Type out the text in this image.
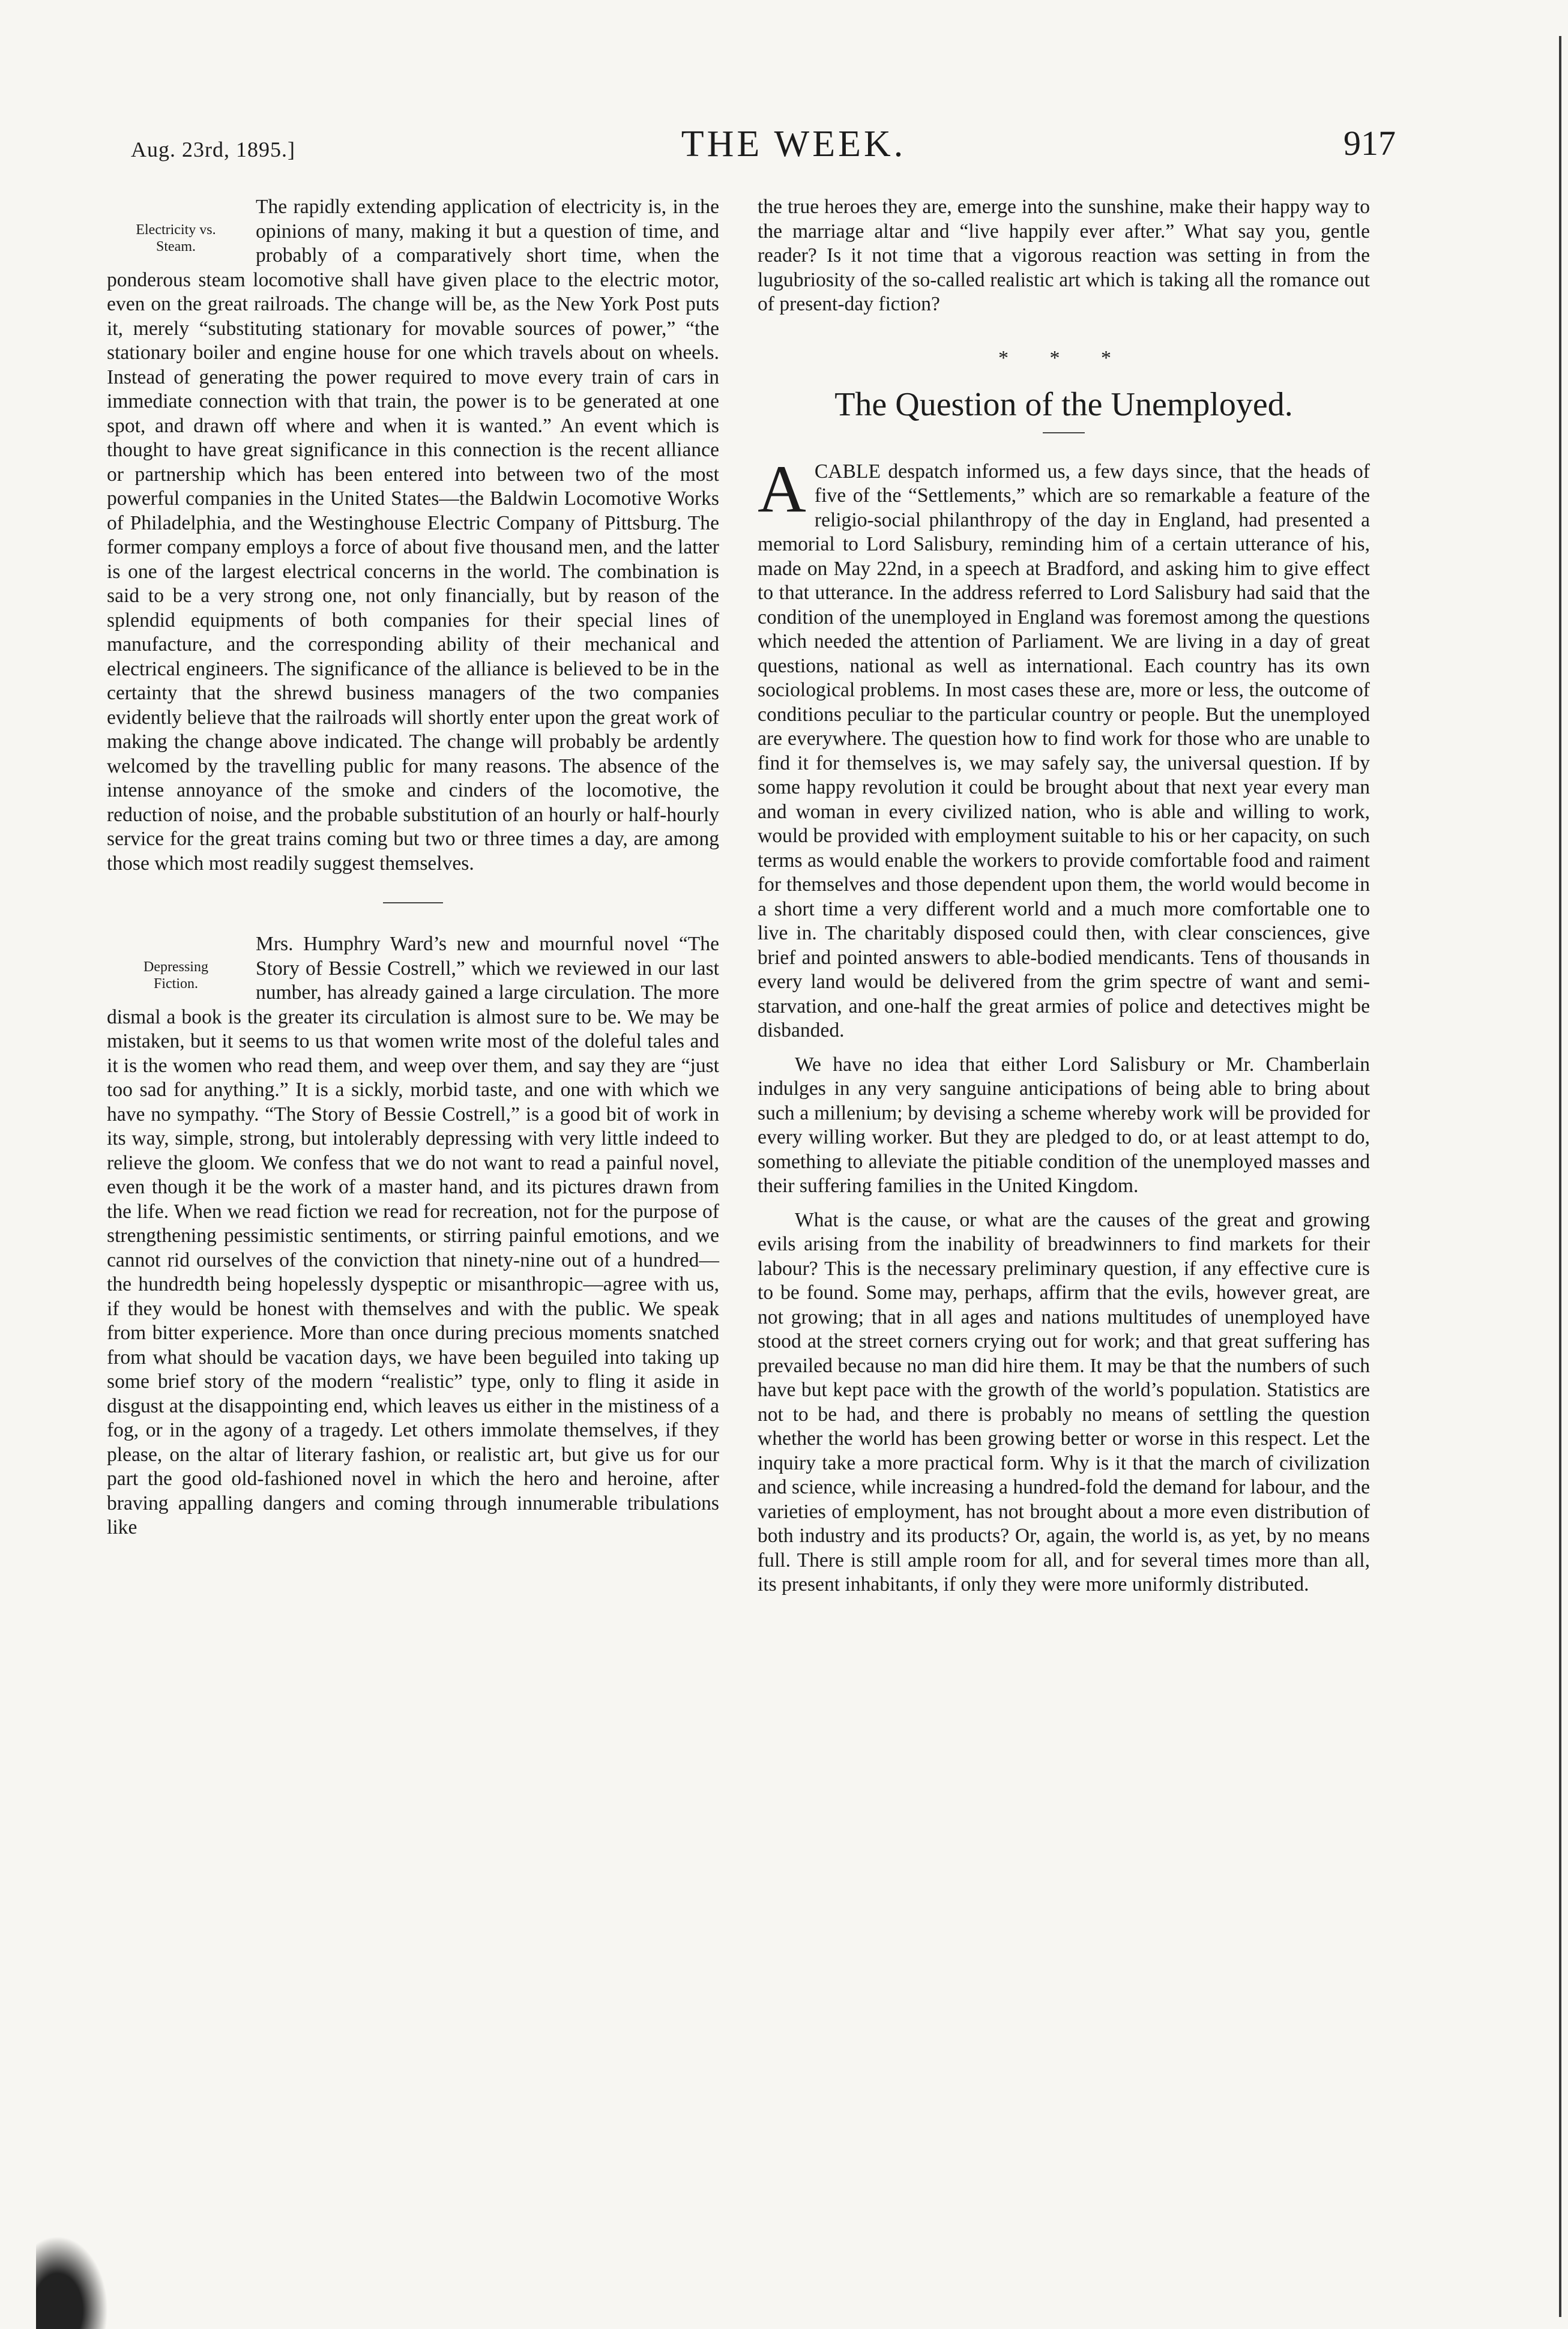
Aug. 23rd, 1895.]	THE WEEK.	917
Electricity vs.
Steam.

The rapidly extending application of electricity is, in the opinions of many, making it but a question of time, and probably of a comparatively short time, when the ponderous steam locomotive shall have given place to the electric motor, even on the great railroads. The change will be, as the New York Post puts it, merely “substituting stationary for movable sources of power,” “the stationary boiler and engine house for one which travels about on wheels. Instead of generating the power required to move every train of cars in immediate connection with that train, the power is to be generated at one spot, and drawn off where and when it is wanted.” An event which is thought to have great significance in this connection is the recent alliance or partnership which has been entered into between two of the most powerful companies in the United States—the Baldwin Locomotive Works of Philadelphia, and the Westinghouse Electric Company of Pittsburg. The former company employs a force of about five thousand men, and the latter is one of the largest electrical concerns in the world. The combination is said to be a very strong one, not only financially, but by reason of the splendid equipments of both companies for their special lines of manufacture, and the corresponding ability of their mechanical and electrical engineers. The significance of the alliance is believed to be in the certainty that the shrewd business managers of the two companies evidently believe that the railroads will shortly enter upon the great work of making the change above indicated. The change will probably be ardently welcomed by the travelling public for many reasons. The absence of the intense annoyance of the smoke and cinders of the locomotive, the reduction of noise, and the probable substitution of an hourly or half-hourly service for the great trains coming but two or three times a day, are among those which most readily suggest themselves.

Depressing
Fiction.

Mrs. Humphry Ward’s new and mournful novel “The Story of Bessie Costrell,” which we reviewed in our last number, has already gained a large circulation. The more dismal a book is the greater its circulation is almost sure to be. We may be mistaken, but it seems to us that women write most of the doleful tales and it is the women who read them, and weep over them, and say they are “just too sad for anything.” It is a sickly, morbid taste, and one with which we have no sympathy. “The Story of Bessie Costrell,” is a good bit of work in its way, simple, strong, but intolerably depressing with very little indeed to relieve the gloom. We confess that we do not want to read a painful novel, even though it be the work of a master hand, and its pictures drawn from the life. When we read fiction we read for recreation, not for the purpose of strengthening pessimistic sentiments, or stirring painful emotions, and we cannot rid ourselves of the conviction that ninety-nine out of a hundred—the hundredth being hopelessly dyspeptic or misanthropic—agree with us, if they would be honest with themselves and with the public. We speak from bitter experience. More than once during precious moments snatched from what should be vacation days, we have been beguiled into taking up some brief story of the modern “realistic” type, only to fling it aside in disgust at the disappointing end, which leaves us either in the mistiness of a fog, or in the agony of a tragedy. Let others immolate themselves, if they please, on the altar of literary fashion, or realistic art, but give us for our part the good old-fashioned novel in which the hero and heroine, after braving appalling dangers and coming through innumerable tribulations like

the true heroes they are, emerge into the sunshine, make their happy way to the marriage altar and “live happily ever after.” What say you, gentle reader? Is it not time that a vigorous reaction was setting in from the lugubriosity of the so-called realistic art which is taking all the romance out of present-day fiction?

* * *
The Question of the Unemployed.

ACABLE despatch informed us, a few days since, that the heads of five of the “Settlements,” which are so remarkable a feature of the religio-social philanthropy of the day in England, had presented a memorial to Lord Salisbury, reminding him of a certain utterance of his, made on May 22nd, in a speech at Bradford, and asking him to give effect to that utterance. In the address referred to Lord Salisbury had said that the condition of the unemployed in England was foremost among the questions which needed the attention of Parliament. We are living in a day of great questions, national as well as international. Each country has its own sociological problems. In most cases these are, more or less, the outcome of conditions peculiar to the particular country or people. But the unemployed are everywhere. The question how to find work for those who are unable to find it for themselves is, we may safely say, the universal question. If by some happy revolution it could be brought about that next year every man and woman in every civilized nation, who is able and willing to work, would be provided with employment suitable to his or her capacity, on such terms as would enable the workers to provide comfortable food and raiment for themselves and those dependent upon them, the world would become in a short time a very different world and a much more comfortable one to live in. The charitably disposed could then, with clear consciences, give brief and pointed answers to able-bodied mendicants. Tens of thousands in every land would be delivered from the grim spectre of want and semi-starvation, and one-half the great armies of police and detectives might be disbanded.

We have no idea that either Lord Salisbury or Mr. Chamberlain indulges in any very sanguine anticipations of being able to bring about such a millenium; by devising a scheme whereby work will be provided for every willing worker. But they are pledged to do, or at least attempt to do, something to alleviate the pitiable condition of the unemployed masses and their suffering families in the United Kingdom.

What is the cause, or what are the causes of the great and growing evils arising from the inability of breadwinners to find markets for their labour? This is the necessary preliminary question, if any effective cure is to be found. Some may, perhaps, affirm that the evils, however great, are not growing; that in all ages and nations multitudes of unemployed have stood at the street corners crying out for work; and that great suffering has prevailed because no man did hire them. It may be that the numbers of such have but kept pace with the growth of the world’s population. Statistics are not to be had, and there is probably no means of settling the question whether the world has been growing better or worse in this respect. Let the inquiry take a more practical form. Why is it that the march of civilization and science, while increasing a hundred-fold the demand for labour, and the varieties of employment, has not brought about a more even distribution of both industry and its products? Or, again, the world is, as yet, by no means full. There is still ample room for all, and for several times more than all, its present inhabitants, if only they were more uniformly distributed.
